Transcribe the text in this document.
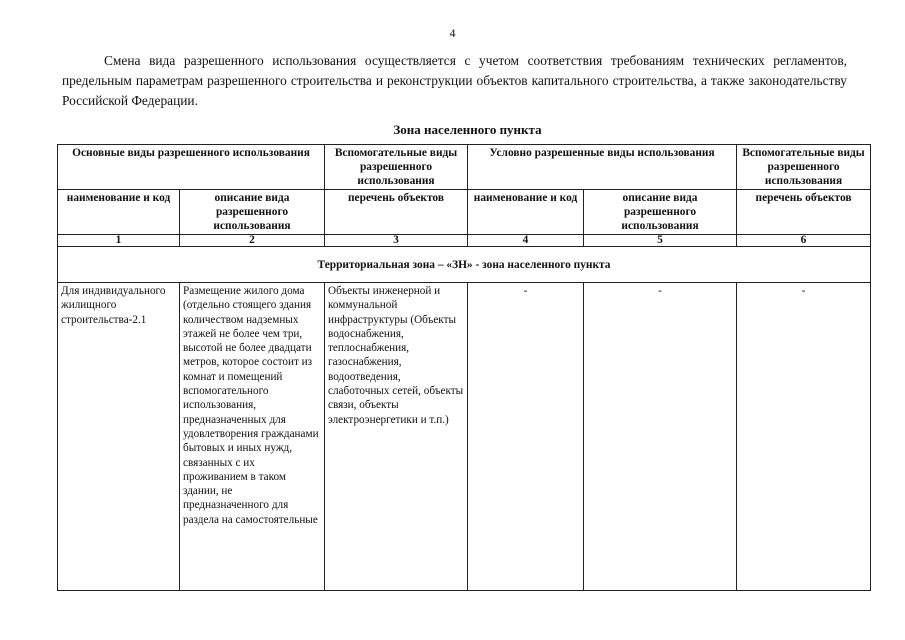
4

Смена вида разрешенного использования осуществляется с учетом соответствия требованиям технических регламентов, предельным параметрам разрешенного строительства и реконструкции объектов капитального строительства, а также законодательству Российской Федерации.

Зона населенного пункта
Основные виды разрешенного использования		Вспомогательные виды разрешенного использования	Условно разрешенные виды использования		Вспомогательные виды разрешенного использования
наименование и код	описание вида разрешенного использования	перечень объектов	наименование и код	описание вида разрешенного использования	перечень объектов
1	2	3	4	5	6
Территориальная зона – «ЗН» - зона населенного пункта					
Для индивидуального жилищного строительства-2.1	Размещение жилого дома (отдельно стоящего здания количеством надземных этажей не более чем три, высотой не более двадцати метров, которое состоит из комнат и помещений вспомогательного использования, предназначенных для удовлетворения гражданами бытовых и иных нужд, связанных с их проживанием в таком здании, не предназначенного для раздела на самостоятельные	Объекты инженерной и коммунальной инфраструктуры (Объекты водоснабжения, теплоснабжения, газоснабжения, водоотведения, слаботочных сетей, объекты связи, объекты электроэнергетики и т.п.)	-	-	-
